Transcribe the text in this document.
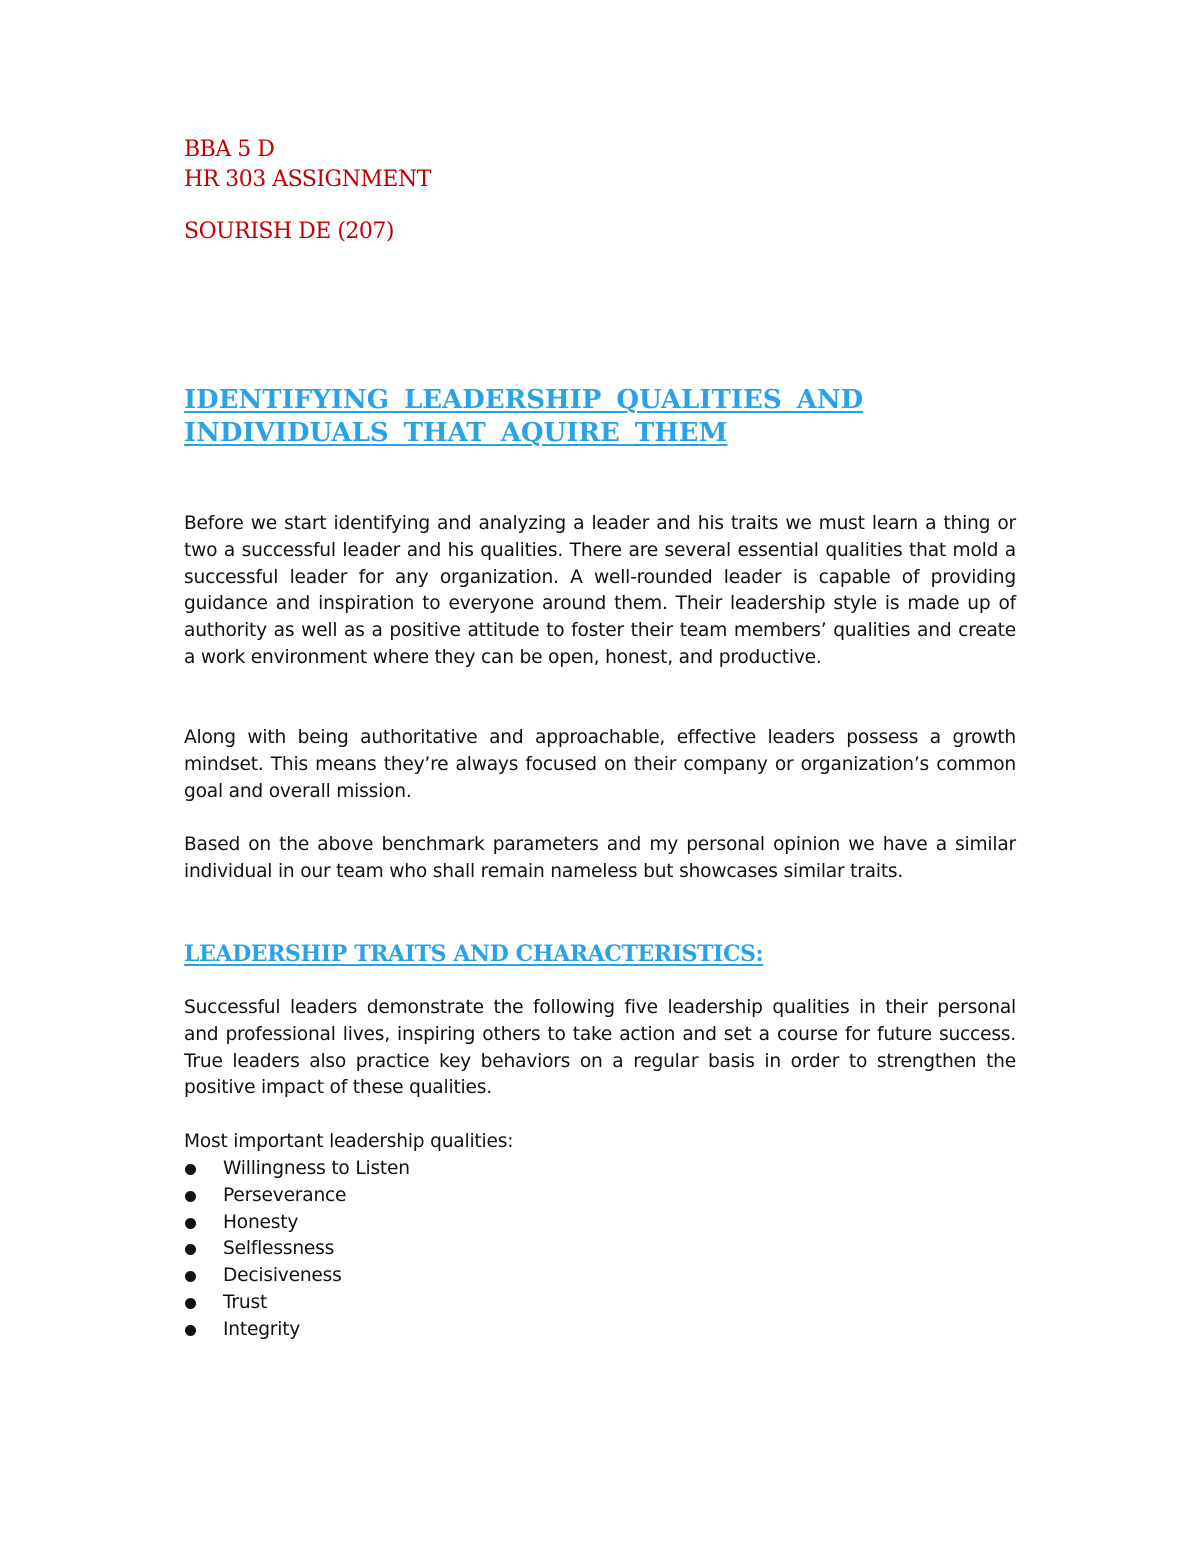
BBA 5 D
HR 303 ASSIGNMENT
SOURISH DE (207)
IDENTIFYING LEADERSHIP QUALITIES AND INDIVIDUALS THAT AQUIRE THEM

Before we start identifying and analyzing a leader and his traits we must learn a thing or two a successful leader and his qualities. There are several essential qualities that mold a successful leader for any organization. A well-rounded leader is capable of providing guidance and inspiration to everyone around them. Their leadership style is made up of authority as well as a positive attitude to foster their team members’ qualities and create a work environment where they can be open, honest, and productive.

Along with being authoritative and approachable, effective leaders possess a growth mindset. This means they’re always focused on their company or organization’s common goal and overall mission.

Based on the above benchmark parameters and my personal opinion we have a similar individual in our team who shall remain nameless but showcases similar traits.

LEADERSHIP TRAITS AND CHARACTERISTICS:

Successful leaders demonstrate the following five leadership qualities in their personal and professional lives, inspiring others to take action and set a course for future success. True leaders also practice key behaviors on a regular basis in order to strengthen the positive impact of these qualities.

Most important leadership qualities:

Willingness to Listen
Perseverance
Honesty
Selflessness
Decisiveness
Trust
Integrity
